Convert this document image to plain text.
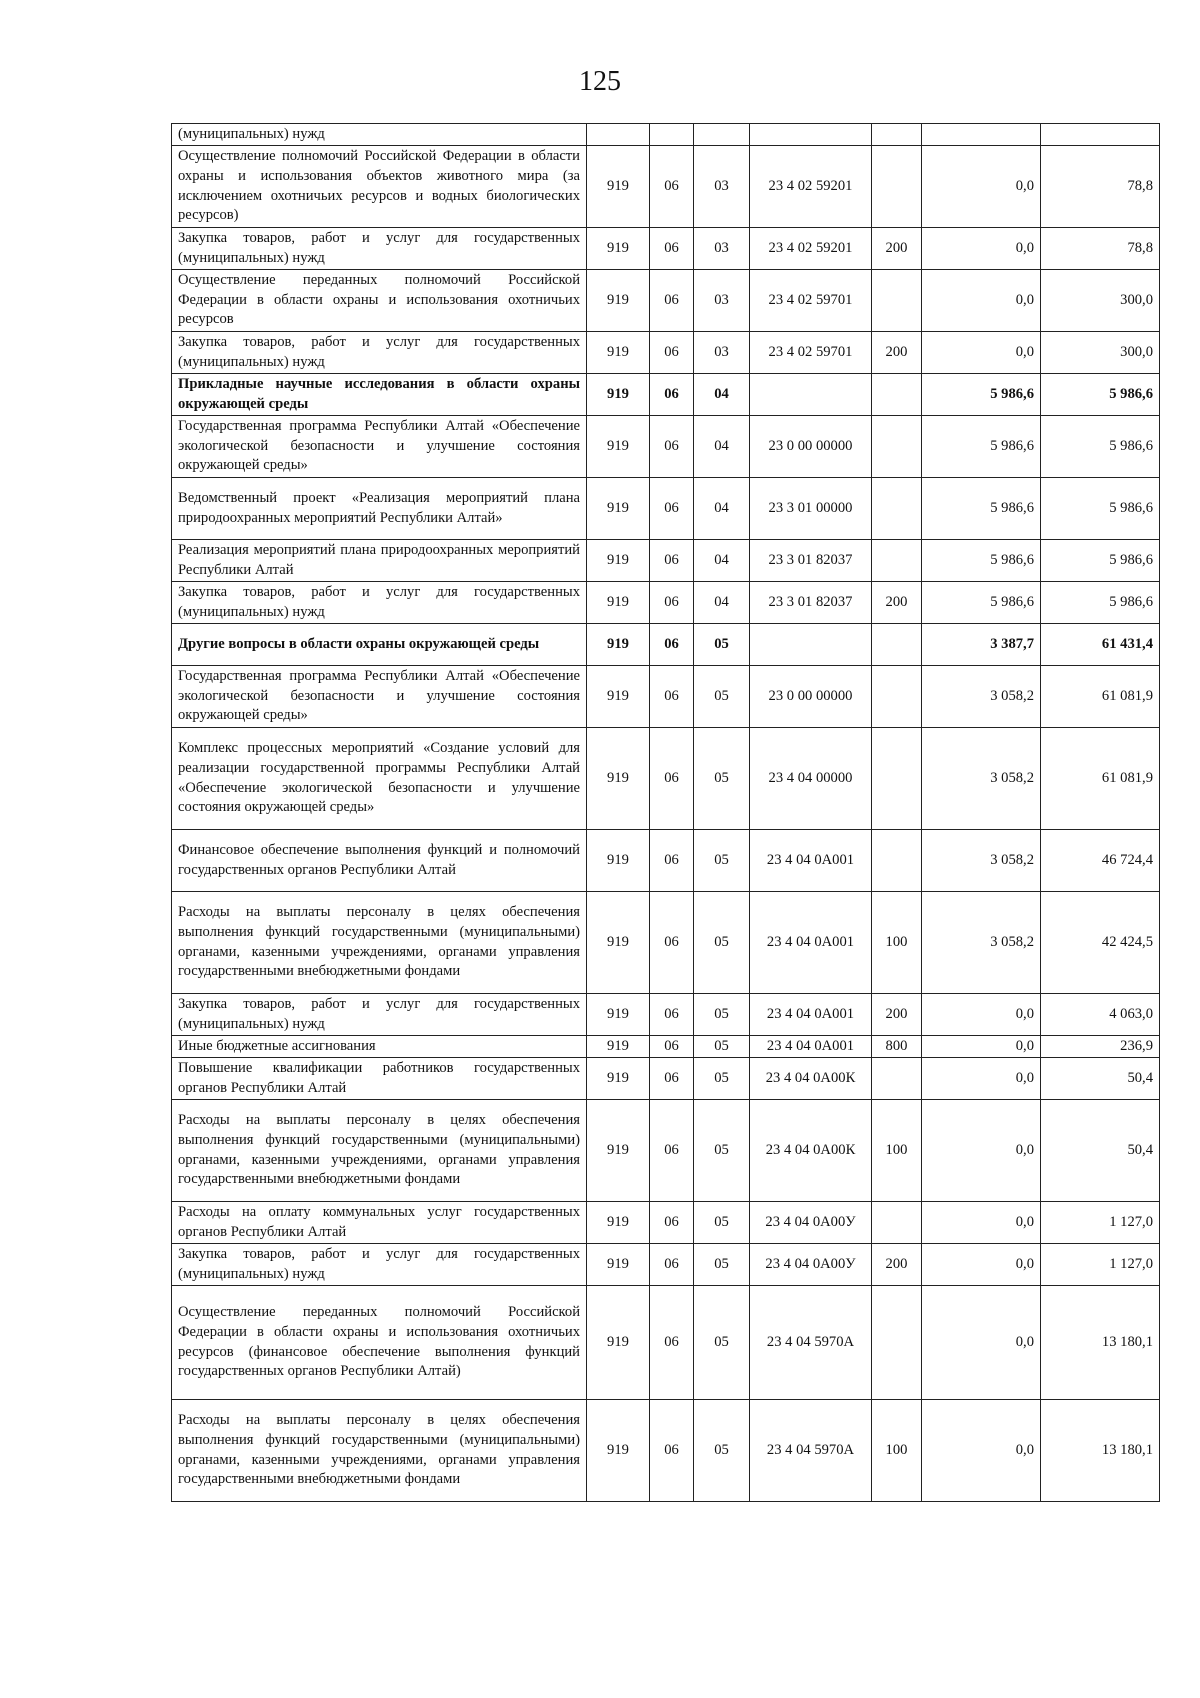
125
(муниципальных) нужд							
Осуществление полномочий Российской Федерации в области охраны и использования объектов животного мира (за исключением охотничьих ресурсов и водных биологических ресурсов)	919	06	03	23 4 02 59201		0,0	78,8
Закупка товаров, работ и услуг для государственных (муниципальных) нужд	919	06	03	23 4 02 59201	200	0,0	78,8
Осуществление переданных полномочий Российской Федерации в области охраны и использования охотничьих ресурсов	919	06	03	23 4 02 59701		0,0	300,0
Закупка товаров, работ и услуг для государственных (муниципальных) нужд	919	06	03	23 4 02 59701	200	0,0	300,0
Прикладные научные исследования в области охраны окружающей среды	919	06	04			5 986,6	5 986,6
Государственная программа Республики Алтай «Обеспечение экологической безопасности и улучшение состояния окружающей среды»	919	06	04	23 0 00 00000		5 986,6	5 986,6
Ведомственный проект «Реализация мероприятий плана природоохранных мероприятий Республики Алтай»	919	06	04	23 3 01 00000		5 986,6	5 986,6
Реализация мероприятий плана природоохранных мероприятий Республики Алтай	919	06	04	23 3 01 82037		5 986,6	5 986,6
Закупка товаров, работ и услуг для государственных (муниципальных) нужд	919	06	04	23 3 01 82037	200	5 986,6	5 986,6
Другие вопросы в области охраны окружающей среды	919	06	05			3 387,7	61 431,4
Государственная программа Республики Алтай «Обеспечение экологической безопасности и улучшение состояния окружающей среды»	919	06	05	23 0 00 00000		3 058,2	61 081,9
Комплекс процессных мероприятий «Создание условий для реализации государственной программы Республики Алтай «Обеспечение экологической безопасности и улучшение состояния окружающей среды»	919	06	05	23 4 04 00000		3 058,2	61 081,9
Финансовое обеспечение выполнения функций и полномочий государственных органов Республики Алтай	919	06	05	23 4 04 0А001		3 058,2	46 724,4
Расходы на выплаты персоналу в целях обеспечения выполнения функций государственными (муниципальными) органами, казенными учреждениями, органами управления государственными внебюджетными фондами	919	06	05	23 4 04 0А001	100	3 058,2	42 424,5
Закупка товаров, работ и услуг для государственных (муниципальных) нужд	919	06	05	23 4 04 0А001	200	0,0	4 063,0
Иные бюджетные ассигнования	919	06	05	23 4 04 0А001	800	0,0	236,9
Повышение квалификации работников государственных органов Республики Алтай	919	06	05	23 4 04 0А00К		0,0	50,4
Расходы на выплаты персоналу в целях обеспечения выполнения функций государственными (муниципальными) органами, казенными учреждениями, органами управления государственными внебюджетными фондами	919	06	05	23 4 04 0А00К	100	0,0	50,4
Расходы на оплату коммунальных услуг государственных органов Республики Алтай	919	06	05	23 4 04 0А00У		0,0	1 127,0
Закупка товаров, работ и услуг для государственных (муниципальных) нужд	919	06	05	23 4 04 0А00У	200	0,0	1 127,0
Осуществление переданных полномочий Российской Федерации в области охраны и использования охотничьих ресурсов (финансовое обеспечение выполнения функций государственных органов Республики Алтай)	919	06	05	23 4 04 5970А		0,0	13 180,1
Расходы на выплаты персоналу в целях обеспечения выполнения функций государственными (муниципальными) органами, казенными учреждениями, органами управления государственными внебюджетными фондами	919	06	05	23 4 04 5970А	100	0,0	13 180,1
